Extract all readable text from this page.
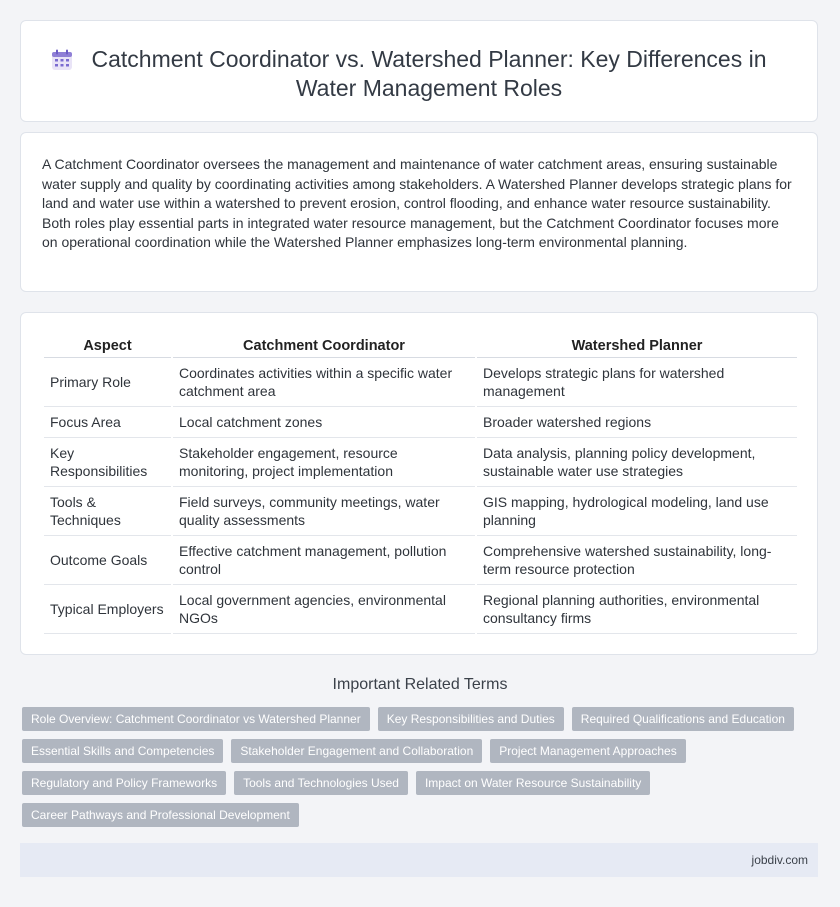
Catchment Coordinator vs. Watershed Planner: Key Differences in Water Management Roles

A Catchment Coordinator oversees the management and maintenance of water catchment areas, ensuring sustainable water supply and quality by coordinating activities among stakeholders. A Watershed Planner develops strategic plans for land and water use within a watershed to prevent erosion, control flooding, and enhance water resource sustainability. Both roles play essential parts in integrated water resource management, but the Catchment Coordinator focuses more on operational coordination while the Watershed Planner emphasizes long-term environmental planning.

Aspect	Catchment Coordinator	Watershed Planner
Primary Role	Coordinates activities within a specific water catchment area	Develops strategic plans for watershed management
Focus Area	Local catchment zones	Broader watershed regions
Key Responsibilities	Stakeholder engagement, resource monitoring, project implementation	Data analysis, planning policy development, sustainable water use strategies
Tools & Techniques	Field surveys, community meetings, water quality assessments	GIS mapping, hydrological modeling, land use planning
Outcome Goals	Effective catchment management, pollution control	Comprehensive watershed sustainability, long-term resource protection
Typical Employers	Local government agencies, environmental NGOs	Regional planning authorities, environmental consultancy firms
Important Related Terms
Role Overview: Catchment Coordinator vs Watershed Planner	Key Responsibilities and Duties	Required Qualifications and Education
Essential Skills and Competencies	Stakeholder Engagement and Collaboration	Project Management Approaches
Regulatory and Policy Frameworks	Tools and Technologies Used	Impact on Water Resource Sustainability
Career Pathways and Professional Development
jobdiv.com
